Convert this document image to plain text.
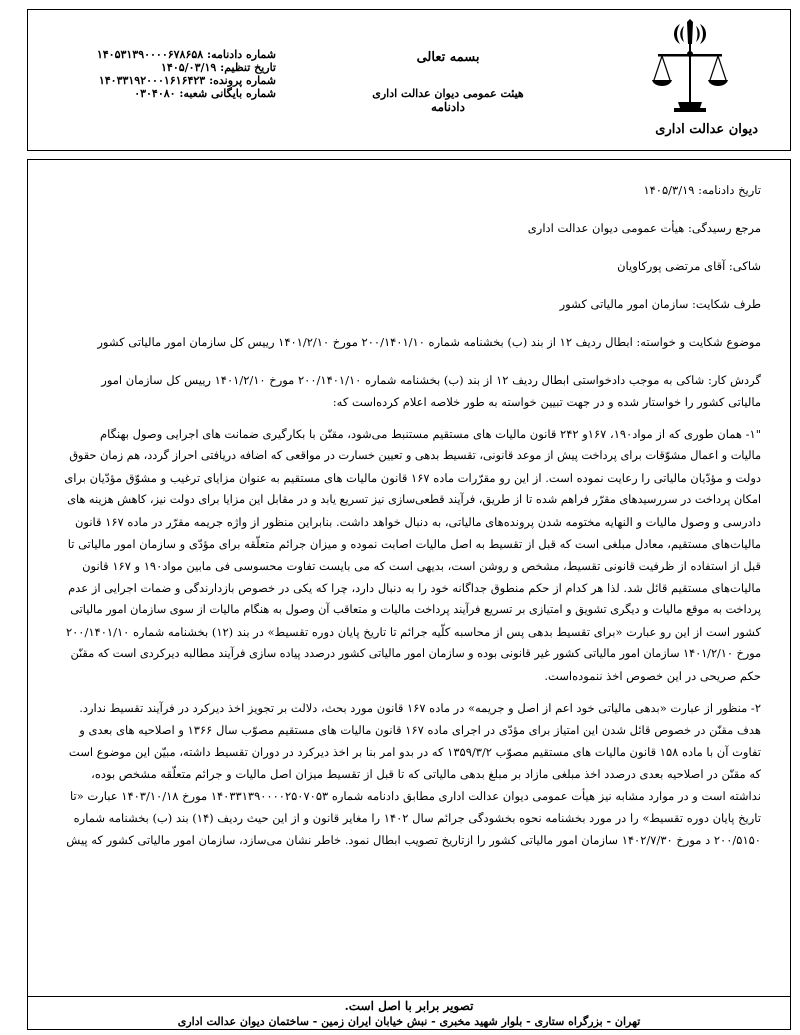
دیوان عدالت اداری
بسمه تعالی
هیئت عمومی دیوان عدالت اداری
دادنامه
شماره دادنامه: ۱۴۰۵۳۱۳۹۰۰۰۰۶۷۸۶۵۸
تاریخ تنظیم: ۱۴۰۵/۰۳/۱۹
شماره پرونده: ۱۴۰۳۳۱۹۲۰۰۰۱۶۱۶۴۲۳
شماره بایگانی شعبه: ۰۳۰۴۰۸۰
تاریخ دادنامه: ۱۴۰۵/۳/۱۹
مرجع رسیدگی: هیأت عمومی دیوان عدالت اداری
شاکی: آقای مرتضی پورکاویان
طرف شکایت: سازمان امور مالیاتی کشور
موضوع شکایت و خواسته: ابطال ردیف ۱۲ از بند (ب) بخشنامه شماره ۲۰۰/۱۴۰۱/۱۰ مورخ ۱۴۰۱/۲/۱۰ رییس کل سازمان امور مالیاتی کشور
گردش کار: شاکی به موجب دادخواستی ابطال ردیف ۱۲ از بند (ب) بخشنامه شماره ۲۰۰/۱۴۰۱/۱۰ مورخ ۱۴۰۱/۲/۱۰ رییس کل سازمان امور
مالیاتی کشور را خواستار شده و در جهت تبیین خواسته به طور خلاصه اعلام کرده‌است که:
"۱- همان طوری که از مواد۱۹۰، ۱۶۷و ۲۴۲ قانون مالیات های مستقیم مستنبط می‌شود، مقنّن با بکارگیری ضمانت های اجرایی وصول بهنگام
مالیات و اعمال مشوّقات برای پرداخت پیش از موعد قانونی، تقسیط بدهی و تعیین خسارت در مواقعی که اضافه دریافتی احراز گردد، هم زمان حقوق
دولت و مؤدّیان مالیاتی را رعایت نموده است. از این رو مقرّرات ماده ۱۶۷ قانون مالیات های مستقیم به عنوان مزایای ترغیب و مشوّق مؤدّیان برای
امکان پرداخت در سررسیدهای مقرّر فراهم شده تا از طریق، فرآیند قطعی‌سازی نیز تسریع یابد و در مقابل این مزایا برای دولت نیز، کاهش هزینه های
دادرسی و وصول مالیات و النهایه مختومه شدن پرونده‌های مالیاتی، به دنبال خواهد داشت. بنابراین منظور از واژه جریمه مقرّر در ماده ۱۶۷ قانون
مالیات‌های مستقیم، معادل مبلغی است که قبل از تقسیط به اصل مالیات اصابت نموده و میزان جرائم متعلّقه برای مؤدّی و سازمان امور مالیاتی تا
قبل از استفاده از ظرفیت قانونی تقسیط، مشخص و روشن است، بدیهی است که می بایست تفاوت محسوسی فی مابین مواد۱۹۰ و ۱۶۷ قانون
مالیات‌های مستقیم قائل شد. لذا هر کدام از حکم منطوق جداگانه خود را به دنبال دارد، چرا که یکی در خصوص بازدارندگی و ضمات اجرایی از عدم
پرداخت به موقع مالیات و دیگری تشویق و امتیازی بر تسریع فرآیند پرداخت مالیات و متعاقب آن وصول به هنگام مالیات از سوی سازمان امور مالیاتی
کشور است از این رو عبارت «برای تقسیط بدهی پس از محاسبه کلّیه جرائم تا تاریخ پایان دوره تقسیط» در بند (۱۲) بخشنامه شماره ۲۰۰/۱۴۰۱/۱۰
مورخ ۱۴۰۱/۲/۱۰ سازمان امور مالیاتی کشور غیر قانونی بوده و سازمان امور مالیاتی کشور درصدد پیاده سازی فرآیند مطالبه دیرکردی است که مقنّن
حکم صریحی در این خصوص اخذ ننموده‌است.
۲- منظور از عبارت «بدهی مالیاتی خود اعم از اصل و جریمه» در ماده ۱۶۷ قانون مورد بحث، دلالت بر تجویز اخذ دیرکرد در فرآیند تقسیط ندارد.
هدف مقنّن در خصوص قائل شدن این امتیاز برای مؤدّی در اجرای ماده ۱۶۷ قانون مالیات های مستقیم مصوّب سال ۱۳۶۶ و اصلاحیه های بعدی و
تفاوت آن با ماده ۱۵۸ قانون مالیات های مستقیم مصوّب ۱۳۵۹/۳/۲ که در بدو امر بنا بر اخذ دیرکرد در دوران تقسیط داشته، مبیّن این موضوع است
که مقنّن در اصلاحیه بعدی درصدد اخذ مبلغی مازاد بر مبلغ بدهی مالیاتی که تا قبل از تقسیط میزان اصل مالیات و جرائم متعلّقه مشخص بوده،
نداشته است و در موارد مشابه نیز هیأت عمومی دیوان عدالت اداری مطابق دادنامه شماره ۱۴۰۳۳۱۳۹۰۰۰۰۲۵۰۷۰۵۳ مورخ ۱۴۰۳/۱۰/۱۸ عبارت «تا
تاریخ پایان دوره تقسیط» را در مورد بخشنامه نحوه بخشودگی جرائم سال ۱۴۰۲ را مغایر قانون و از این حیث ردیف (۱۴) بند (ب) بخشنامه شماره
۲۰۰/۵۱۵۰ د مورخ ۱۴۰۲/۷/۳۰ سازمان امور مالیاتی کشور را ازتاریخ تصویب ابطال نمود. خاطر نشان می‌سازد، سازمان امور مالیاتی کشور که پیش
تصویر برابر با اصل است.
تهران - بزرگراه ستاری - بلوار شهید مخبری - نبش خیابان ایران زمین - ساختمان دیوان عدالت اداری
